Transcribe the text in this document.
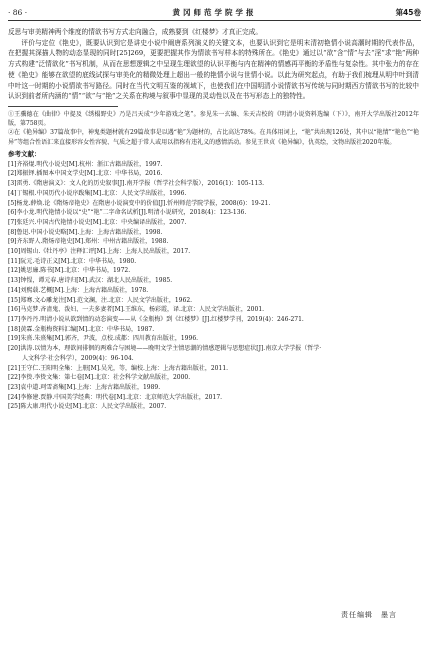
· 86 ·	黄冈师范学院学报	第45卷

反思与审美精神两个维度的情欲书写方式走向融合，成熟要到《红楼梦》才真正完成。

评价与定位《艳史》，既要认识到它是讲史小说中阐唐系列演义的关键文本，也要认识到它是明末清初艳情小说高潮时期的代表作品，在把握其深描人物的动态显现的同时[25]269，更要把握其作为情欲书写样本的特殊所在。《艳史》通过以“欲”含“情”与去“淫”求“艳”两种方式构建“泛情欲化”书写机制，从而在思想逻辑之中呈现生理欲望的认识平衡与内在精神的情感再平衡的矛盾性与复杂性。其中张力的存在使《艳史》能够在欲望的底线试探与审美化的精微处理上超出一般的艳情小说与世情小说。以此为研究起点，有助于我们梳理从明中叶到清中叶这一时期的小说情欲书写路径。同时在当代文明互鉴的视域下，也使我们在中国明清小说情欲书写传统与同时期西方情欲书写的比较中认识到前者所内涵的“情”“欲”与“艳”之关系在构境与叙事中显现的灵动性以及在书写形态上的独特性。

①王骥德在《曲律》中提及《绣榻野史》乃是吕天成“少年游戏之笔”。参见朱一玄编、朱天吉校的《明清小说资料选编（下）》，南开大学出版社2012年版，第758页。

②在《艳异编》37篇故事中，神鬼类题材就有29篇故事是以遇“艳”为题材的，占比高达78%。在具体用词上，“艳”共出现126处，其中以“艳情”“艳色”“艳异”等组合性语汇来直接形容女性容貌、气质之超于常人或用以指称有违礼义的感情活动。参见王世贞《艳异编》，仇英绘，文物出版社2020年版。

参考文献：

[1]齐裕焜.明代小说史[M].杭州：浙江古籍出版社，1997.

[2]郑振铎.插图本中国文学史[M].北京：中华书局，2016.

[3]雷勇.《隋唐演义》：文人化的历史叙事[J].南开学报（哲学社会科学版），2016(1)：105-113.

[4]丁锡根.中国历代小说序跋集[M].北京：人民文学出版社，1996.

[5]杨龙.薛焕.论《隋炀帝艳史》在隋唐小说演变中的价值[J].忻州师范学院学报，2008(6)：19-21.

[6]李小龙.明代艳情小说以“史”“艳”二字命名试析[J].明清小说研究，2018(4)：123-136.

[7]张廷兴.中国古代艳情小说史[M].北京：中央编译出版社，2007.

[8]鲁迅.中国小说史略[M].上海：上海古籍出版社，1998.

[9]齐东野人.隋炀帝艳史[M].郑州：中州古籍出版社，1988.

[10]周锡山.《牡丹亭》注释汇评[M].上海：上海人民出版社，2017.

[11]阮元.毛诗正义[M].北京：中华书局，1980.

[12]姚思廉.陈书[M].北京：中华书局，1972.

[13]钟惺，谭元春.唐诗归[M].武汉：湖北人民出版社，1985.

[14]刘熙载.艺概[M].上海：上海古籍出版社，1978.

[15]郑骞.文心雕龙注[M].范文澜，注.北京：人民文学出版社，1962.

[16]马克梦.吝啬鬼、泼妇、一夫多妻者[M].王维东，杨彩霞，译.北京：人民文学出版社，2001.

[17]李丹丹.明清小说从欲到情的动态演变——从《金瓶梅》到《红楼梦》[J].红楼梦学刊，2019(4)：246-271.

[18]黄霖.金瓶梅资料汇编[M].北京：中华书局，1987.

[19]朱熹.朱熹集[M].郭齐，尹波，点校.成都：四川教育出版社，1996.

[20]洪涛.以情为本，理欲间徘徊的两难合与困境——晚明文学主情思潮的情感逻辑与思想症状[J].南京大学学报（哲学·

人文科学·社会科学），2009(4)：96-104.

[21]王守仁.王阳明全集：上册[M].吴光，等，编校.上海：上海古籍出版社，2011.

[22]李贽.李贽文集：第七卷[M].北京：社会科学文献出版社，2000.

[23]袁中道.珂雪斋集[M].上海：上海古籍出版社，1989.

[24]李修建.贾静.中国美学经典：明代卷[M].北京：北京师范大学出版社，2017.

[25]陈大康.明代小说史[M].北京：人民文学出版社，2007.

责任编辑　墨言
